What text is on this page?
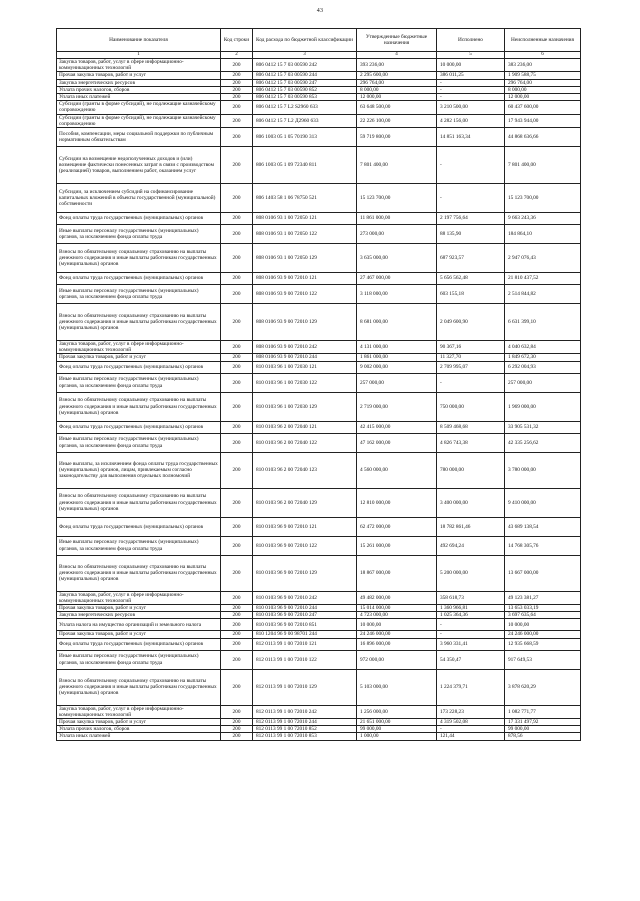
43
Наименование показателя	Код строки	Код расхода по бюджетной классификации	Утвержденные бюджетные назначения	Исполнено	Неисполненные назначения
1	2	3	4	5	6
Закупка товаров, работ, услуг в сфере информационно-коммуникационных технологий	200	806 0412 15 7 03 00590 242	393 236,00	10 000,00	383 236,00
Прочая закупка товаров, работ и услуг	200	806 0412 15 7 03 00590 244	2 295 600,00	386 011,25	1 909 588,75
Закупка энергетических ресурсов	200	806 0412 15 7 03 00590 247	296 764,00	-	296 764,00
Уплата прочих налогов, сборов	200	806 0412 15 7 03 00590 852	8 000,00	-	8 000,00
Уплата иных платежей	200	806 0412 15 7 03 00590 853	12 000,00	-	12 000,00
Субсидии (гранты в форме субсидий), не подлежащие казначейскому сопровождению	200	806 0412 15 7 L2 S2960 633	63 648 500,00	3 210 500,00	60 437 600,00
Субсидии (гранты в форме субсидий), не подлежащие казначейскому сопровождению	200	806 0412 15 7 L2 Д2960 633	22 226 100,00	4 282 156,00	17 943 944,00
Пособия, компенсации, меры социальной поддержки по публичным нормативным обязательствам	200	806 1003 05 1 05 70190 313	59 719 800,00	14 851 163,34	44 868 636,66
Субсидии на возмещение недополученных доходов и (или) возмещение фактически понесенных затрат в связи с производством (реализацией) товаров, выполнением работ, оказанием услуг	200	806 1003 05 1 09 72340 811	7 801 400,00	-	7 801 400,00
Субсидии, за исключением субсидий на софинансирование капитальных вложений в объекты государственной (муниципальной) собственности	200	806 1403 58 1 06 78750 521	15 123 700,00	-	15 123 700,00
Фонд оплаты труда государственных (муниципальных) органов	200	808 0106 93 1 00 72050 121	11 861 000,00	2 197 756,64	9 663 243,36
Иные выплаты персоналу государственных (муниципальных) органов, за исключением фонда оплаты труда	200	808 0106 93 1 00 72050 122	273 000,00	88 135,90	184 864,10
Взносы по обязательному социальному страхованию на выплаты денежного содержания и иные выплаты работникам государственных (муниципальных) органов	200	808 0106 93 1 00 72050 129	3 635 000,00	687 923,57	2 947 076,43
Фонд оплаты труда государственных (муниципальных) органов	200	808 0106 93 9 00 72010 121	27 467 000,00	5 656 562,48	21 810 437,52
Иные выплаты персоналу государственных (муниципальных) органов, за исключением фонда оплаты труда	200	808 0106 93 9 00 72010 122	3 118 000,00	603 155,18	2 514 844,82
Взносы по обязательному социальному страхованию на выплаты денежного содержания и иные выплаты работникам государственных (муниципальных) органов	200	808 0106 93 9 00 72010 129	8 681 000,00	2 049 600,90	6 631 399,10
Закупка товаров, работ, услуг в сфере информационно-коммуникационных технологий	200	808 0106 93 9 00 72010 242	4 131 000,00	90 367,16	4 040 632,84
Прочая закупка товаров, работ и услуг	200	808 0106 93 9 00 72010 244	1 861 000,00	11 327,70	1 849 672,30
Фонд оплаты труда государственных (муниципальных) органов	200	810 0103 96 1 00 72030 121	9 002 000,00	2 709 995,07	6 292 004,93
Иные выплаты персоналу государственных (муниципальных) органов, за исключением фонда оплаты труда	200	810 0103 96 1 00 72030 122	257 000,00	-	257 000,00
Взносы по обязательному социальному страхованию на выплаты денежного содержания и иные выплаты работникам государственных (муниципальных) органов	200	810 0103 96 1 00 72030 129	2 719 000,00	750 000,00	1 969 000,00
Фонд оплаты труда государственных (муниципальных) органов	200	810 0103 96 2 00 72040 121	42 415 000,00	8 509 468,68	33 905 531,32
Иные выплаты персоналу государственных (муниципальных) органов, за исключением фонда оплаты труда	200	810 0103 96 2 00 72040 122	47 162 000,00	4 826 743,38	42 335 256,62
Иные выплаты, за исключением фонда оплаты труда государственных (муниципальных) органов, лицам, привлекаемым согласно законодательству для выполнения отдельных полномочий	200	810 0103 96 2 00 72040 123	4 560 000,00	780 000,00	3 780 000,00
Взносы по обязательному социальному страхованию на выплаты денежного содержания и иные выплаты работникам государственных (муниципальных) органов	200	810 0103 96 2 00 72040 129	12 810 000,00	3 400 000,00	9 410 000,00
Фонд оплаты труда государственных (муниципальных) органов	200	810 0103 96 9 00 72010 121	62 472 000,00	18 782 861,46	43 689 138,54
Иные выплаты персоналу государственных (муниципальных) органов, за исключением фонда оплаты труда	200	810 0103 96 9 00 72010 122	15 261 000,00	492 694,24	14 768 305,76
Взносы по обязательному социальному страхованию на выплаты денежного содержания и иные выплаты работникам государственных (муниципальных) органов	200	810 0103 96 9 00 72010 129	18 867 000,00	5 200 000,00	13 667 000,00
Закупка товаров, работ, услуг в сфере информационно-коммуникационных технологий	200	810 0103 96 9 00 72010 242	49 482 000,00	358 618,73	49 123 381,27
Прочая закупка товаров, работ и услуг	200	810 0103 96 9 00 72010 244	15 014 000,00	1 360 966,81	13 653 033,19
Закупка энергетических ресурсов	200	810 0103 96 9 00 72010 247	4 723 000,00	1 025 364,36	3 697 635,64
Уплата налога на имущество организаций и земельного налога	200	810 0103 96 9 00 72010 851	10 000,00	-	10 000,00
Прочая закупка товаров, работ и услуг	200	810 1204 96 9 00 98701 244	24 246 000,00	-	24 246 000,00
Фонд оплаты труда государственных (муниципальных) органов	200	812 0113 99 1 00 72010 121	16 896 000,00	3 960 331,41	12 935 668,59
Иные выплаты персоналу государственных (муниципальных) органов, за исключением фонда оплаты труда	200	812 0113 99 1 00 72010 122	972 000,00	54 350,47	917 649,53
Взносы по обязательному социальному страхованию на выплаты денежного содержания и иные выплаты работникам государственных (муниципальных) органов	200	812 0113 99 1 00 72010 129	5 103 000,00	1 224 379,71	3 878 620,29
Закупка товаров, работ, услуг в сфере информационно-коммуникационных технологий	200	812 0113 99 1 00 72010 242	1 256 000,00	173 228,23	1 082 771,77
Прочая закупка товаров, работ и услуг	200	812 0113 99 1 00 72010 244	21 651 000,00	4 319 502,08	17 331 497,92
Уплата прочих налогов, сборов	200	812 0113 99 1 00 72010 852	99 000,00	-	99 000,00
Уплата иных платежей	200	812 0113 99 1 00 72010 853	1 000,00	121,44	878,56
